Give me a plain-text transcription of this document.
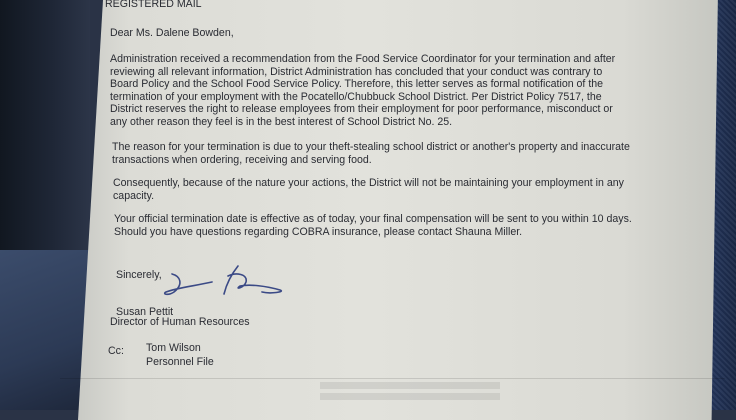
REGISTERED MAIL
Dear Ms. Dalene Bowden,
Administration received a recommendation from the Food Service Coordinator for your termination and after
reviewing all relevant information, District Administration has concluded that your conduct was contrary to
Board Policy and the School Food Service Policy. Therefore, this letter serves as formal notification of the
termination of your employment with the Pocatello/Chubbuck School District. Per District Policy 7517, the
District reserves the right to release employees from their employment for poor performance, misconduct or
any other reason they feel is in the best interest of School District No. 25.
The reason for your termination is due to your theft-stealing school district or another's property and inaccurate
transactions when ordering, receiving and serving food.
Consequently, because of the nature your actions, the District will not be maintaining your employment in any
capacity.
Your official termination date is effective as of today, your final compensation will be sent to you within 10 days.
Should you have questions regarding COBRA insurance, please contact Shauna Miller.
Sincerely,
Susan Pettit
Director of Human Resources
Cc: Tom Wilson
Personnel File
